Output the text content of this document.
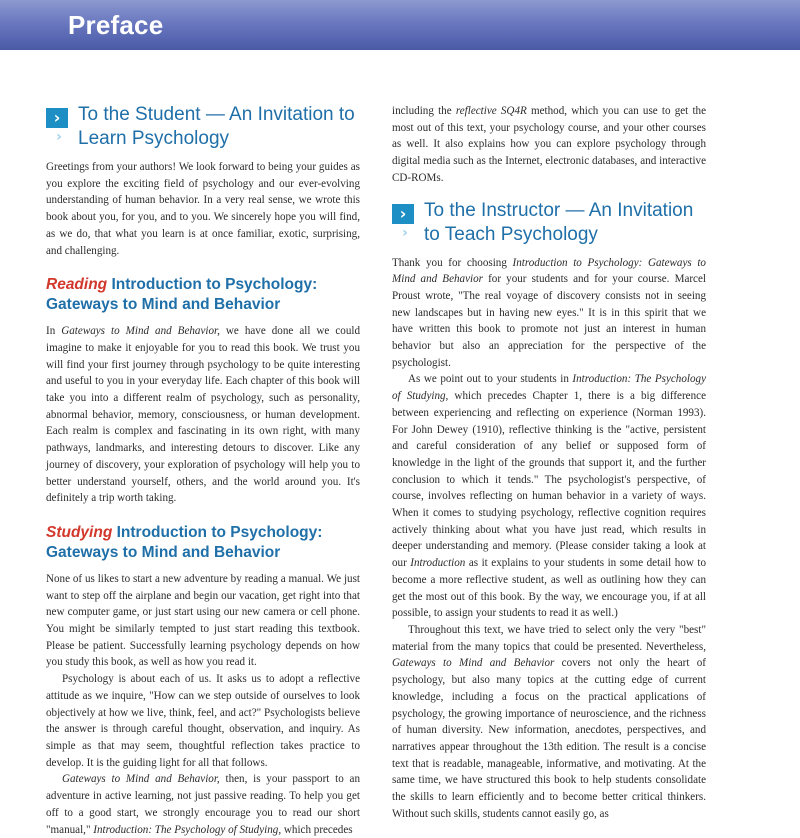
Preface
›
›
To the Student — An Invitation to Learn Psychology

Greetings from your authors! We look forward to being your guides as you explore the exciting field of psychology and our ever-evolving understanding of human behavior. In a very real sense, we wrote this book about you, for you, and to you. We sincerely hope you will find, as we do, that what you learn is at once familiar, exotic, surprising, and challenging.

Reading Introduction to Psychology: Gateways to Mind and Behavior

In Gateways to Mind and Behavior, we have done all we could imagine to make it enjoyable for you to read this book. We trust you will find your first journey through psychology to be quite interesting and useful to you in your everyday life. Each chapter of this book will take you into a different realm of psychology, such as personality, abnormal behavior, memory, consciousness, or human development. Each realm is complex and fascinating in its own right, with many pathways, landmarks, and interesting detours to discover. Like any journey of discovery, your exploration of psychology will help you to better understand yourself, others, and the world around you. It's definitely a trip worth taking.

Studying Introduction to Psychology: Gateways to Mind and Behavior

None of us likes to start a new adventure by reading a manual. We just want to step off the airplane and begin our vacation, get right into that new computer game, or just start using our new camera or cell phone. You might be similarly tempted to just start reading this textbook. Please be patient. Successfully learning psychology depends on how you study this book, as well as how you read it.

Psychology is about each of us. It asks us to adopt a reflective attitude as we inquire, "How can we step outside of ourselves to look objectively at how we live, think, feel, and act?" Psychologists believe the answer is through careful thought, observation, and inquiry. As simple as that may seem, thoughtful reflection takes practice to develop. It is the guiding light for all that follows.

Gateways to Mind and Behavior, then, is your passport to an adventure in active learning, not just passive reading. To help you get off to a good start, we strongly encourage you to read our short "manual," Introduction: The Psychology of Studying, which precedes

including the reflective SQ4R method, which you can use to get the most out of this text, your psychology course, and your other courses as well. It also explains how you can explore psychology through digital media such as the Internet, electronic databases, and interactive CD-ROMs.

›
›
To the Instructor — An Invitation to Teach Psychology

Thank you for choosing Introduction to Psychology: Gateways to Mind and Behavior for your students and for your course. Marcel Proust wrote, "The real voyage of discovery consists not in seeing new landscapes but in having new eyes." It is in this spirit that we have written this book to promote not just an interest in human behavior but also an appreciation for the perspective of the psychologist.

As we point out to your students in Introduction: The Psychology of Studying, which precedes Chapter 1, there is a big difference between experiencing and reflecting on experience (Norman 1993). For John Dewey (1910), reflective thinking is the "active, persistent and careful consideration of any belief or supposed form of knowledge in the light of the grounds that support it, and the further conclusion to which it tends." The psychologist's perspective, of course, involves reflecting on human behavior in a variety of ways. When it comes to studying psychology, reflective cognition requires actively thinking about what you have just read, which results in deeper understanding and memory. (Please consider taking a look at our Introduction as it explains to your students in some detail how to become a more reflective student, as well as outlining how they can get the most out of this book. By the way, we encourage you, if at all possible, to assign your students to read it as well.)

Throughout this text, we have tried to select only the very "best" material from the many topics that could be presented. Nevertheless, Gateways to Mind and Behavior covers not only the heart of psychology, but also many topics at the cutting edge of current knowledge, including a focus on the practical applications of psychology, the growing importance of neuroscience, and the richness of human diversity. New information, anecdotes, perspectives, and narratives appear throughout the 13th edition. The result is a concise text that is readable, manageable, informative, and motivating. At the same time, we have structured this book to help students consolidate the skills to learn efficiently and to become better critical thinkers. Without such skills, students cannot easily go, as
